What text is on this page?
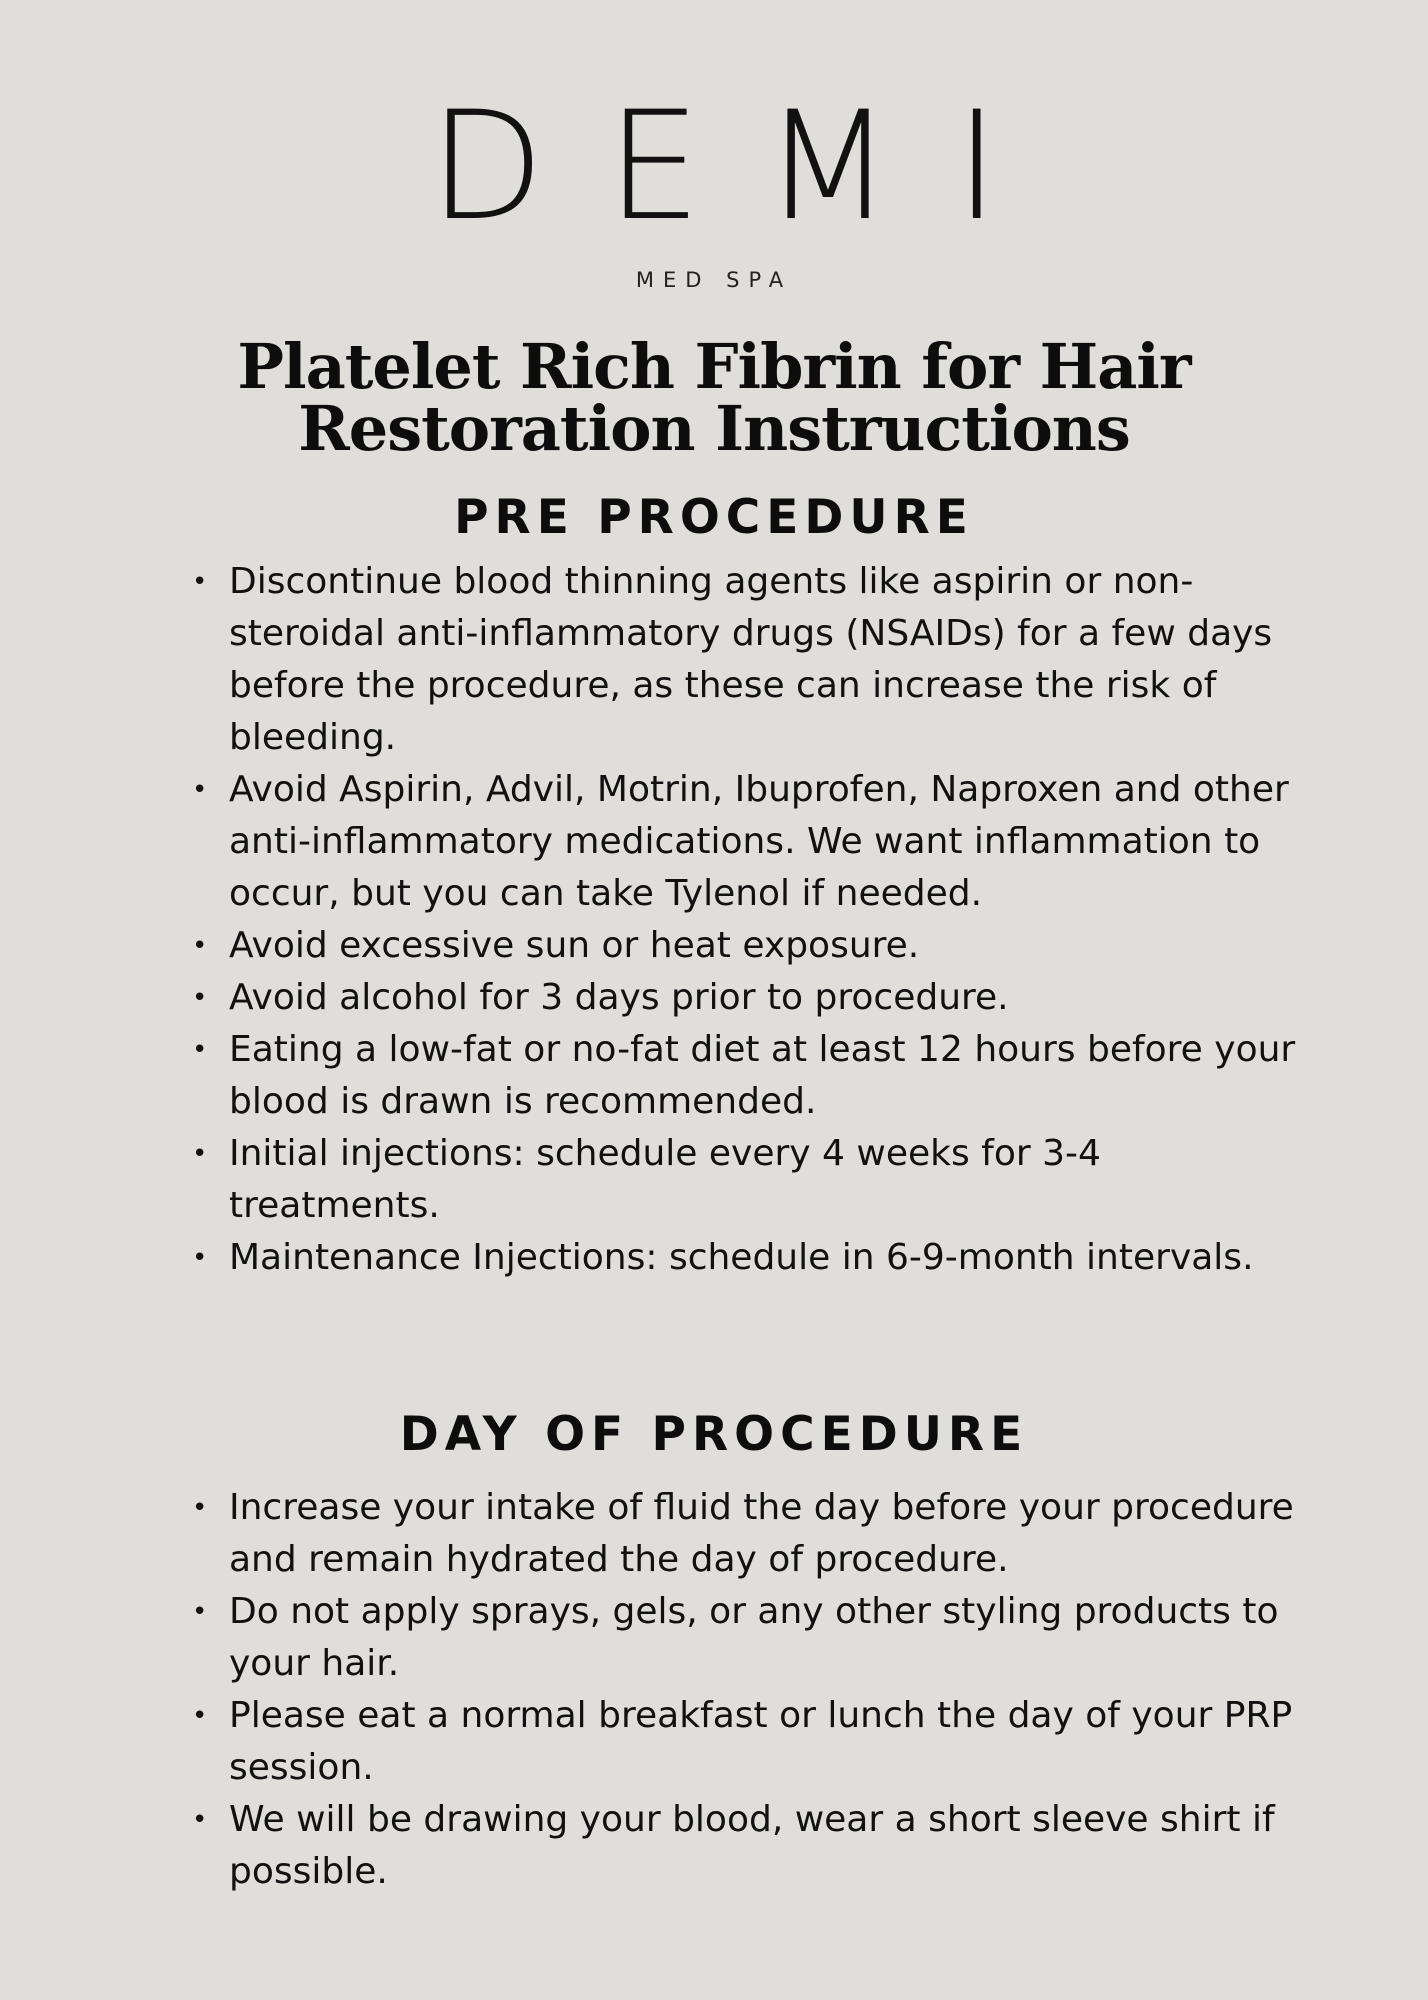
DEMI
MED SPA
Platelet Rich Fibrin for Hair
Restoration Instructions
PRE PROCEDURE
• Discontinue blood thinning agents like aspirin or non-steroidal anti-inflammatory drugs (NSAIDs) for a few days before the procedure, as these can increase the risk of bleeding.
• Avoid Aspirin, Advil, Motrin, Ibuprofen, Naproxen and other anti-inflammatory medications. We want inflammation to occur, but you can take Tylenol if needed.
• Avoid excessive sun or heat exposure.
• Avoid alcohol for 3 days prior to procedure.
• Eating a low-fat or no-fat diet at least 12 hours before your blood is drawn is recommended.
• Initial injections: schedule every 4 weeks for 3-4 treatments.
• Maintenance Injections: schedule in 6-9-month intervals.
DAY OF PROCEDURE
• Increase your intake of fluid the day before your procedure and remain hydrated the day of procedure.
• Do not apply sprays, gels, or any other styling products to your hair.
• Please eat a normal breakfast or lunch the day of your PRP session.
• We will be drawing your blood, wear a short sleeve shirt if possible.
